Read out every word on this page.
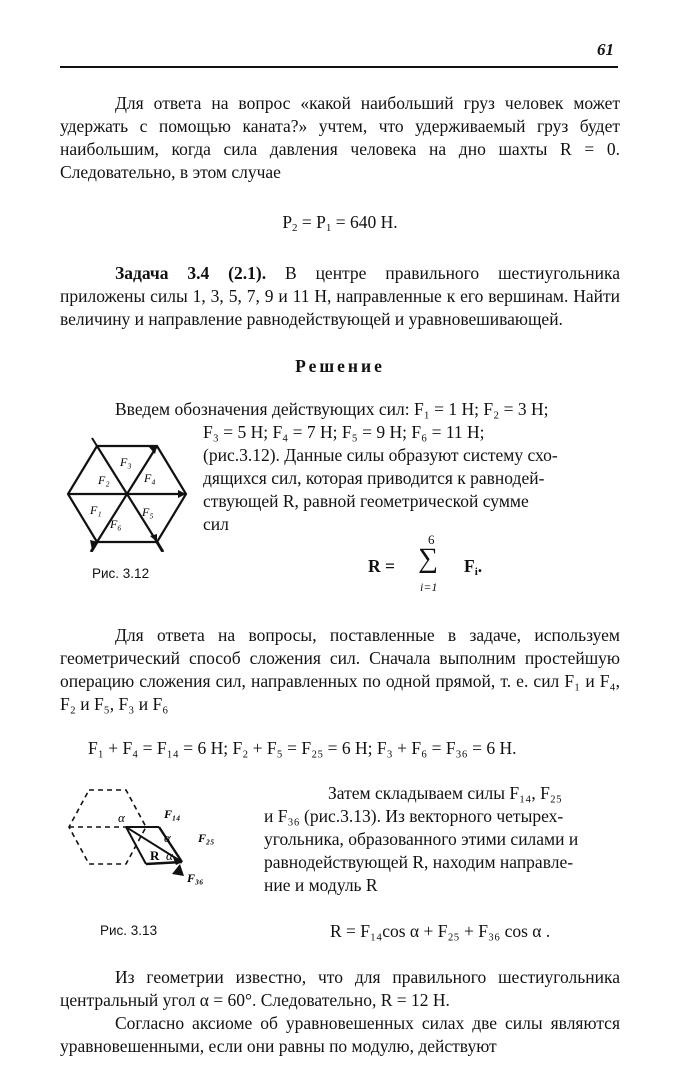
61

Для ответа на вопрос «какой наибольший груз человек может удержать с помощью каната?» учтем, что удерживаемый груз будет наибольшим, когда сила давления человека на дно шахты R = 0. Следовательно, в этом случае

$P_2 = P_1 = 640$ Н.

Задача 3.4 (2.1). В центре правильного шестиугольника приложены силы 1, 3, 5, 7, 9 и 11 Н, направленные к его вершинам. Найти величину и направление равнодействующей и уравновешивающей.

Решение
Введем обозначения действующих сил: F₁ = 1 Н; F₂ = 3 Н;
F₃ = 5 Н; F₄ = 7 Н; F₅ = 9 Н; F₆ = 11 Н;
(рис.3.12). Данные силы образуют систему схо-
дящихся сил, которая приводится к равнодей-
ствующей R, равной геометрической сумме
сил
F₂
F₃
F₄
F₁
F₆
F₅
Рис. 3.12	R =
6
∑
i=1
$F_i$.

Для ответа на вопросы, поставленные в задаче, используем геометрический способ сложения сил. Сначала выполним простейшую операцию сложения сил, направленных по одной прямой, т. е. сил F₁ и F₄, F₂ и F₅, F₃ и F₆

F₁ + F₄ = F₁₄ = 6 Н; F₂ + F₅ = F₂₅ = 6 Н; F₃ + F₆ = F₃₆ = 6 Н.
F₁₄
F₂₅
F₃₆
R
α
α
α
Рис. 3.13
Затем складываем силы F₁₄, F₂₅
и F₃₆ (рис.3.13). Из векторного четырех-
угольника, образованного этими силами и
равнодействующей R, находим направле-
ние и модуль R
R = F₁₄cos α + F₂₅ + F₃₆ cos α .

Из геометрии известно, что для правильного шестиугольника центральный угол α = 60°. Следовательно, R = 12 Н.

Согласно аксиоме об уравновешенных силах две силы являются уравновешенными, если они равны по модулю, действуют
